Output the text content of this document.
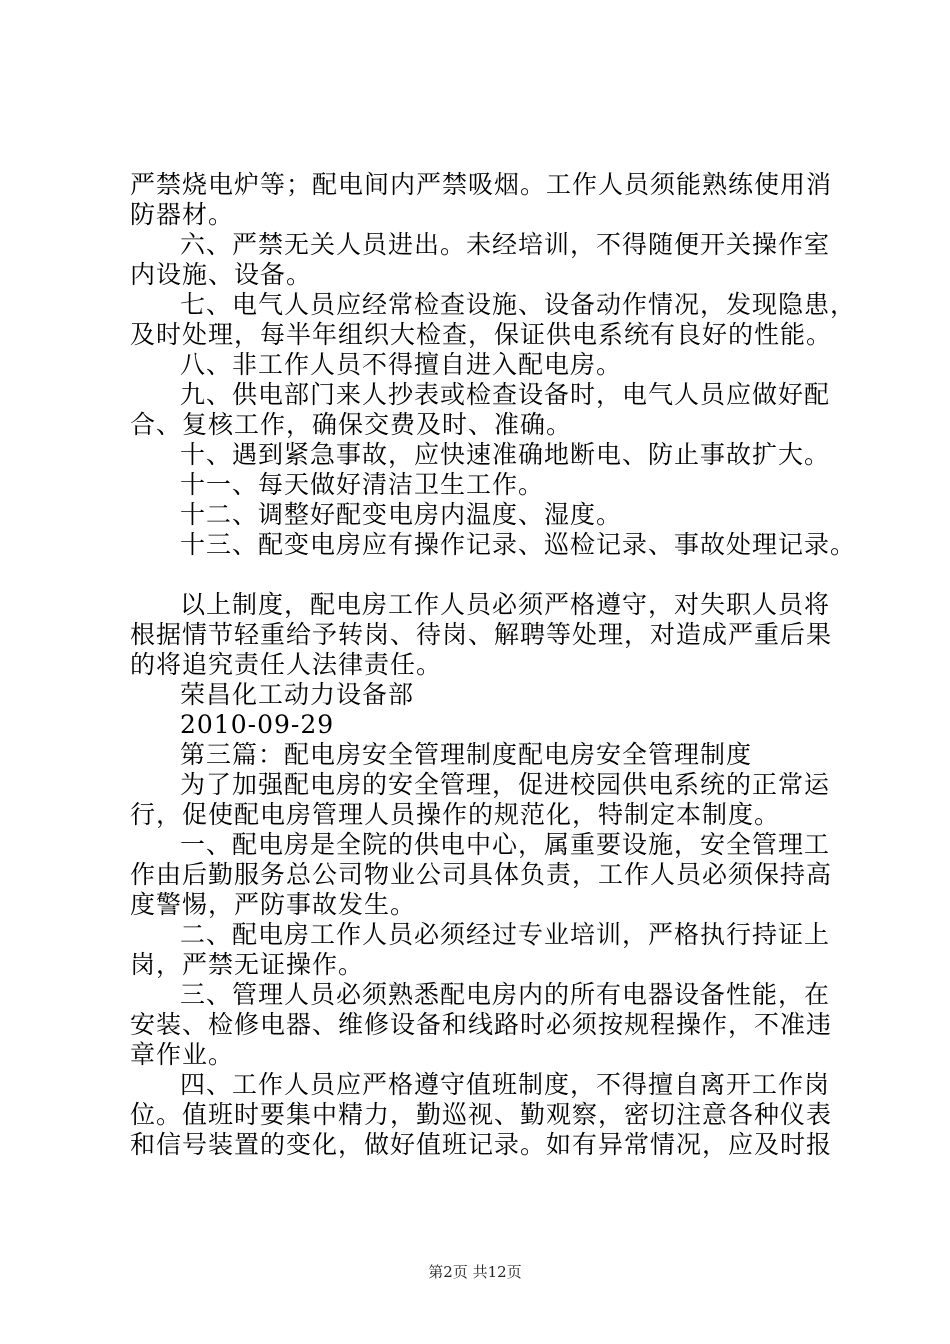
严禁烧电炉等；配电间内严禁吸烟。工作人员须能熟练使用消

防器材。

六、严禁无关人员进出。未经培训，不得随便开关操作室

内设施、设备。

七、电气人员应经常检查设施、设备动作情况，发现隐患，

及时处理，每半年组织大检查，保证供电系统有良好的性能。

八、非工作人员不得擅自进入配电房。

九、供电部门来人抄表或检查设备时，电气人员应做好配

合、复核工作，确保交费及时、准确。

十、遇到紧急事故，应快速准确地断电、防止事故扩大。

十一、每天做好清洁卫生工作。

十二、调整好配变电房内温度、湿度。

十三、配变电房应有操作记录、巡检记录、事故处理记录。

以上制度，配电房工作人员必须严格遵守，对失职人员将

根据情节轻重给予转岗、待岗、解聘等处理，对造成严重后果

的将追究责任人法律责任。

荣昌化工动力设备部

2010-09-29

第三篇：配电房安全管理制度配电房安全管理制度

为了加强配电房的安全管理，促进校园供电系统的正常运

行，促使配电房管理人员操作的规范化，特制定本制度。

一、配电房是全院的供电中心，属重要设施，安全管理工

作由后勤服务总公司物业公司具体负责，工作人员必须保持高

度警惕，严防事故发生。

二、配电房工作人员必须经过专业培训，严格执行持证上

岗，严禁无证操作。

三、管理人员必须熟悉配电房内的所有电器设备性能，在

安装、检修电器、维修设备和线路时必须按规程操作，不准违

章作业。

四、工作人员应严格遵守值班制度，不得擅自离开工作岗

位。值班时要集中精力，勤巡视、勤观察，密切注意各种仪表

和信号装置的变化，做好值班记录。如有异常情况，应及时报

第2页 共12页
